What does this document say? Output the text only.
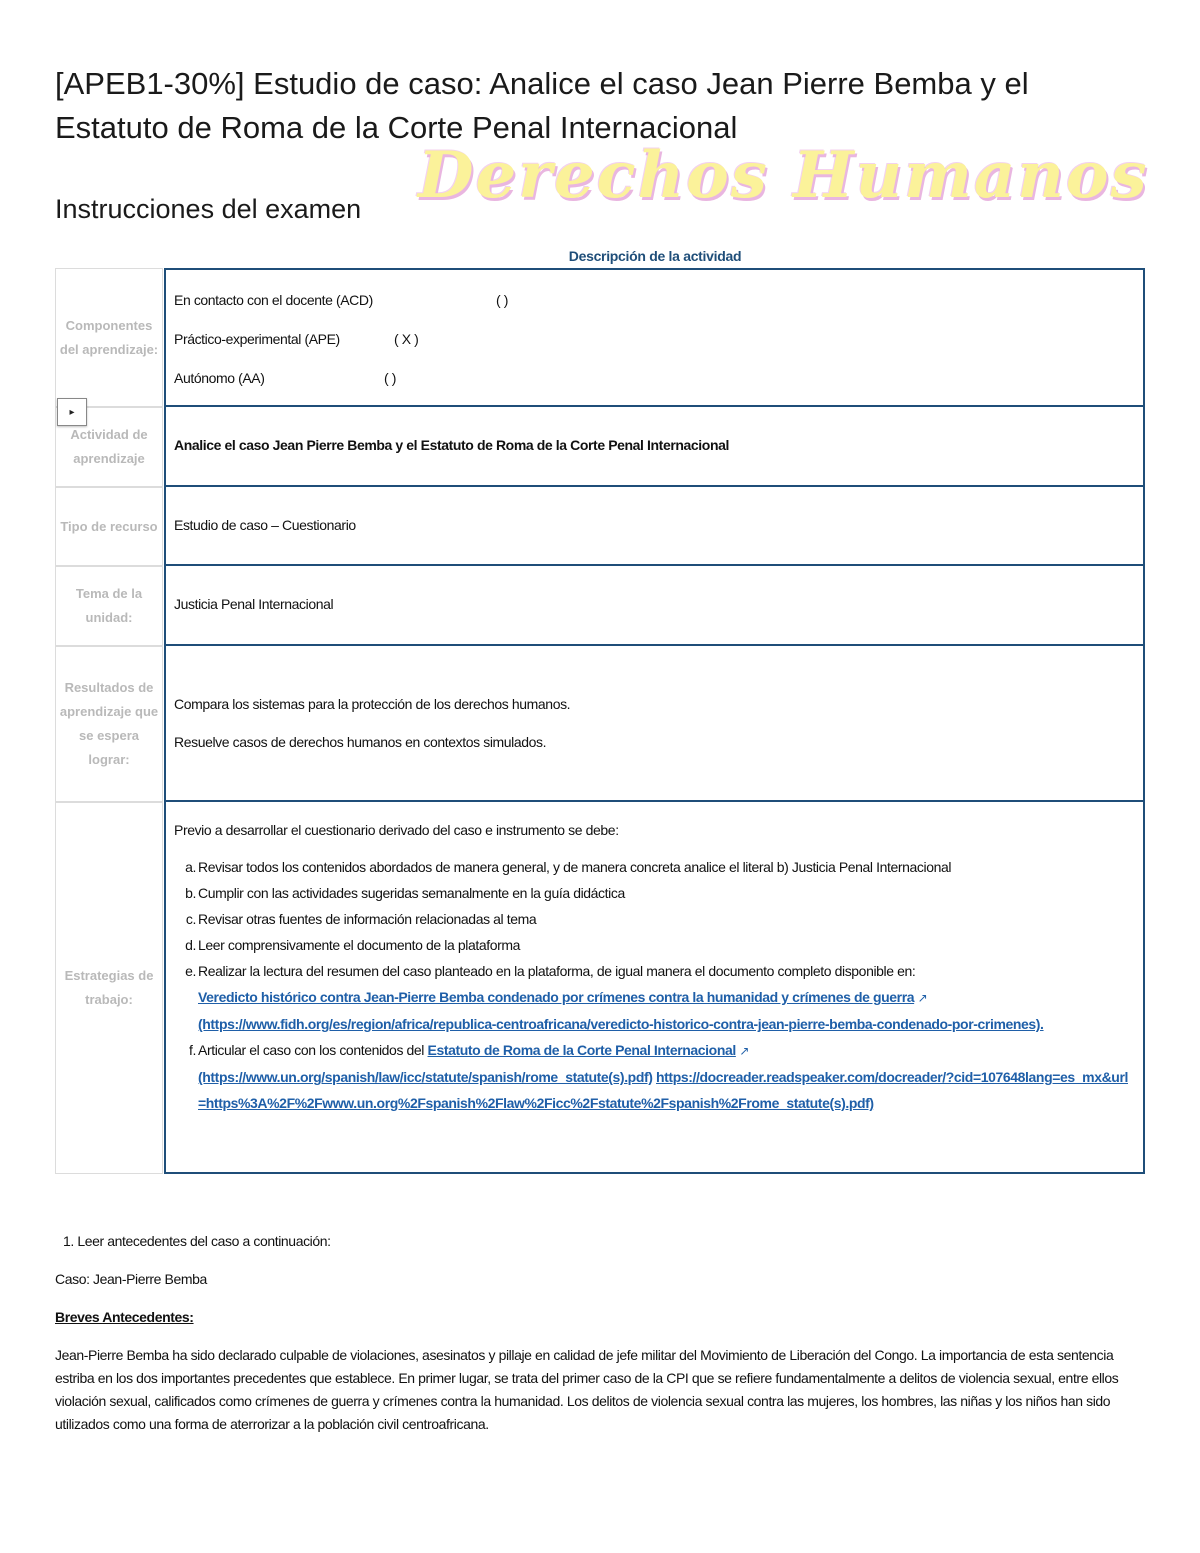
[APEB1-30%] Estudio de caso: Analice el caso Jean Pierre Bemba y el Estatuto de Roma de la Corte Penal Internacional
Derechos Humanos
Instrucciones del examen
Descripción de la actividad
Componentes del aprendizaje:
En contacto con el docente (ACD)	( )
Práctico-experimental (APE)	( X )
Autónomo (AA)	( )
Actividad de aprendizaje
Analice el caso Jean Pierre Bemba y el Estatuto de Roma de la Corte Penal Internacional
Tipo de recurso	Estudio de caso – Cuestionario
Tema de la unidad:
Justicia Penal Internacional
Resultados de aprendizaje que se espera lograr:
Compara los sistemas para la protección de los derechos humanos.
Resuelve casos de derechos humanos en contextos simulados.
Estrategias de trabajo:
Previo a desarrollar el cuestionario derivado del caso e instrumento se debe:
a. Revisar todos los contenidos abordados de manera general, y de manera concreta analice el literal b) Justicia Penal Internacional
b. Cumplir con las actividades sugeridas semanalmente en la guía didáctica
c. Revisar otras fuentes de información relacionadas al tema
d. Leer comprensivamente el documento de la plataforma
e. Realizar la lectura del resumen del caso planteado en la plataforma, de igual manera el documento completo disponible en:
Veredicto histórico contra Jean-Pierre Bemba condenado por crímenes contra la humanidad y crímenes de guerra ↗ (https://www.fidh.org/es/region/africa/republica-centroafricana/veredicto-historico-contra-jean-pierre-bemba-condenado-por-crimenes).
f. Articular el caso con los contenidos del Estatuto de Roma de la Corte Penal Internacional ↗ (https://www.un.org/spanish/law/icc/statute/spanish/rome_statute(s).pdf) https://docreader.readspeaker.com/docreader/?cid=107648lang=es_mx&url=https%3A%2F%2Fwww.un.org%2Fspanish%2Flaw%2Ficc%2Fstatute%2Fspanish%2Frome_statute(s).pdf)
▸
1. Leer antecedentes del caso a continuación:
Caso: Jean-Pierre Bemba
Breves Antecedentes:
Jean-Pierre Bemba ha sido declarado culpable de violaciones, asesinatos y pillaje en calidad de jefe militar del Movimiento de Liberación del Congo. La importancia de esta sentencia estriba en los dos importantes precedentes que establece. En primer lugar, se trata del primer caso de la CPI que se refiere fundamentalmente a delitos de violencia sexual, entre ellos violación sexual, calificados como crímenes de guerra y crímenes contra la humanidad. Los delitos de violencia sexual contra las mujeres, los hombres, las niñas y los niños han sido utilizados como una forma de aterrorizar a la población civil centroafricana.
